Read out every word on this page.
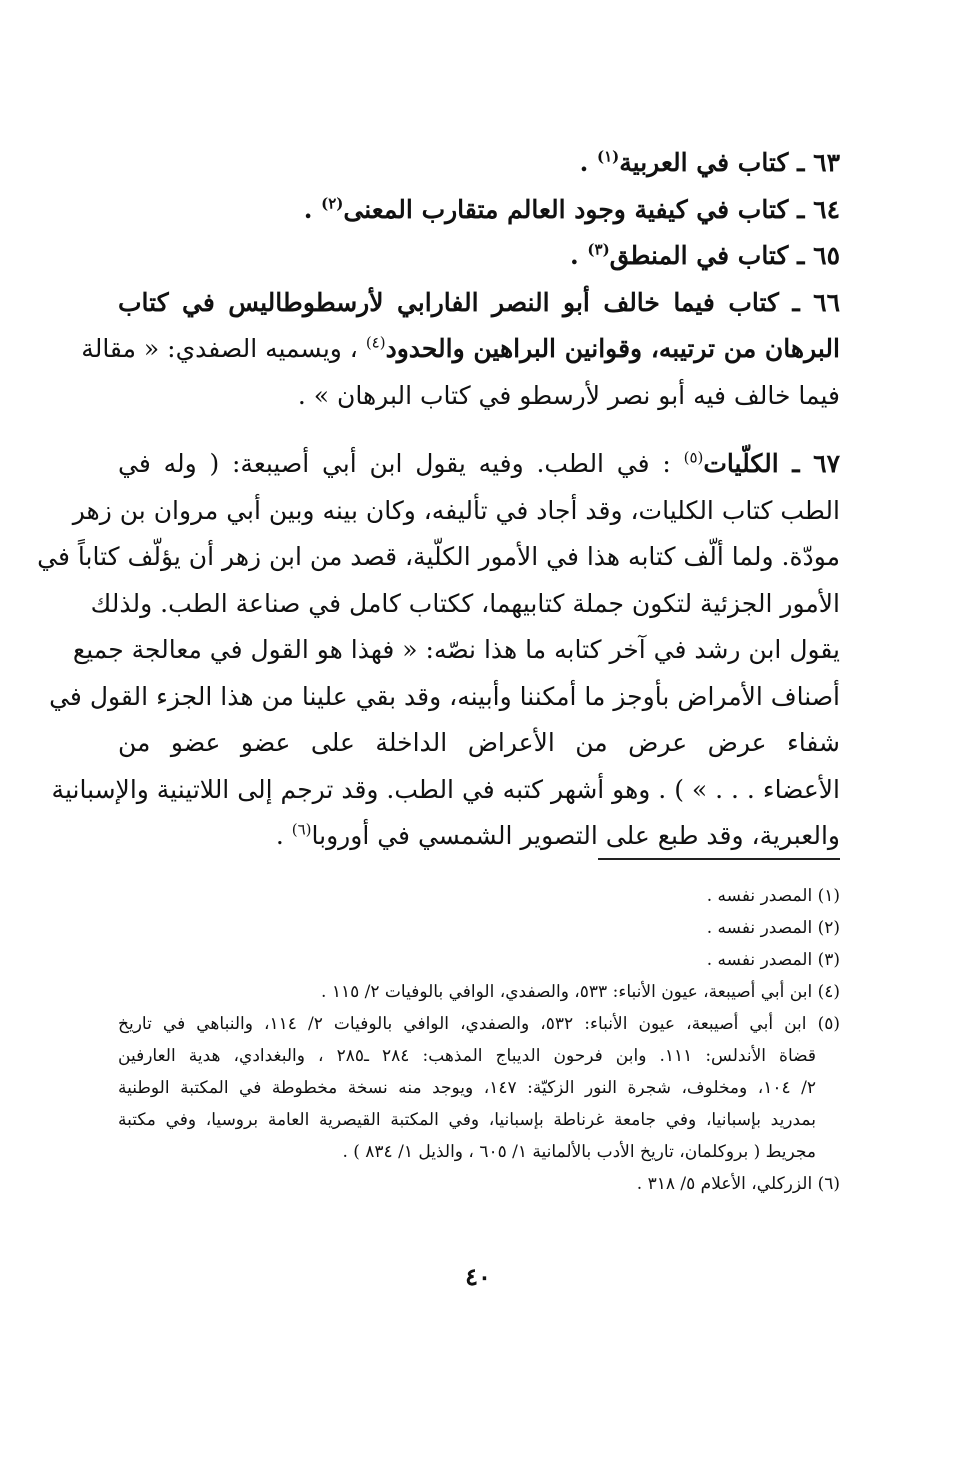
٦٣ ـ كتاب في العربية$^{(١)}$ .
٦٤ ـ كتاب في كيفية وجود العالم متقارب المعنى$^{(٢)}$ .
٦٥ ـ كتاب في المنطق$^{(٣)}$ .
٦٦ ـ كتاب فيما خالف أبو النصر الفارابي لأرسطوطاليس في كتاب
البرهان من ترتيبه، وقوانين البراهين والحدود$^{(٤)}$ ، ويسميه الصفدي: « مقالة
فيما خالف فيه أبو نصر لأرسطو في كتاب البرهان » .
٦٧ ـ الكلّيات$^{(٥)}$ : في الطب. وفيه يقول ابن أبي أصيبعة: ( وله في
الطب كتاب الكليات، وقد أجاد في تأليفه، وكان بينه وبين أبي مروان بن زهر
مودّة. ولما ألّف كتابه هذا في الأمور الكلّية، قصد من ابن زهر أن يؤلّف كتاباً في
الأمور الجزئية لتكون جملة كتابيهما، ككتاب كامل في صناعة الطب. ولذلك
يقول ابن رشد في آخر كتابه ما هذا نصّه: « فهذا هو القول في معالجة جميع
أصناف الأمراض بأوجز ما أمكننا وأبينه، وقد بقي علينا من هذا الجزء القول في
شفاء عرض عرض من الأعراض الداخلة على عضو عضو من
الأعضاء . . . » ) . وهو أشهر كتبه في الطب. وقد ترجم إلى اللاتينية والإسبانية
والعبرية، وقد طبع على التصوير الشمسي في أوروبا$^{(٦)}$ .
(١) المصدر نفسه .
(٢) المصدر نفسه .
(٣) المصدر نفسه .
(٤) ابن أبي أصيبعة، عيون الأنباء: ٥٣٣، والصفدي، الوافي بالوفيات ٢/ ١١٥ .
(٥) ابن أبي أصيبعة، عيون الأنباء: ٥٣٢، والصفدي، الوافي بالوفيات ٢/ ١١٤، والنباهي في تاريخ
قضاة الأندلس: ١١١. وابن فرحون الديباج المذهب: ٢٨٤ ـ٢٨٥ ، والبغدادي، هدية العارفين
٢/ ١٠٤، ومخلوف، شجرة النور الزكيّة: ١٤٧، ويوجد منه نسخة مخطوطة في المكتبة الوطنية
بمدريد بإسبانيا، وفي جامعة غرناطة بإسبانيا، وفي المكتبة القيصرية العامة بروسيا، وفي مكتبة
مجريط ( بروكلمان، تاريخ الأدب بالألمانية ١/ ٦٠٥ ، والذيل ١/ ٨٣٤ ) .
(٦) الزركلي، الأعلام ٥/ ٣١٨ .
٤٠
